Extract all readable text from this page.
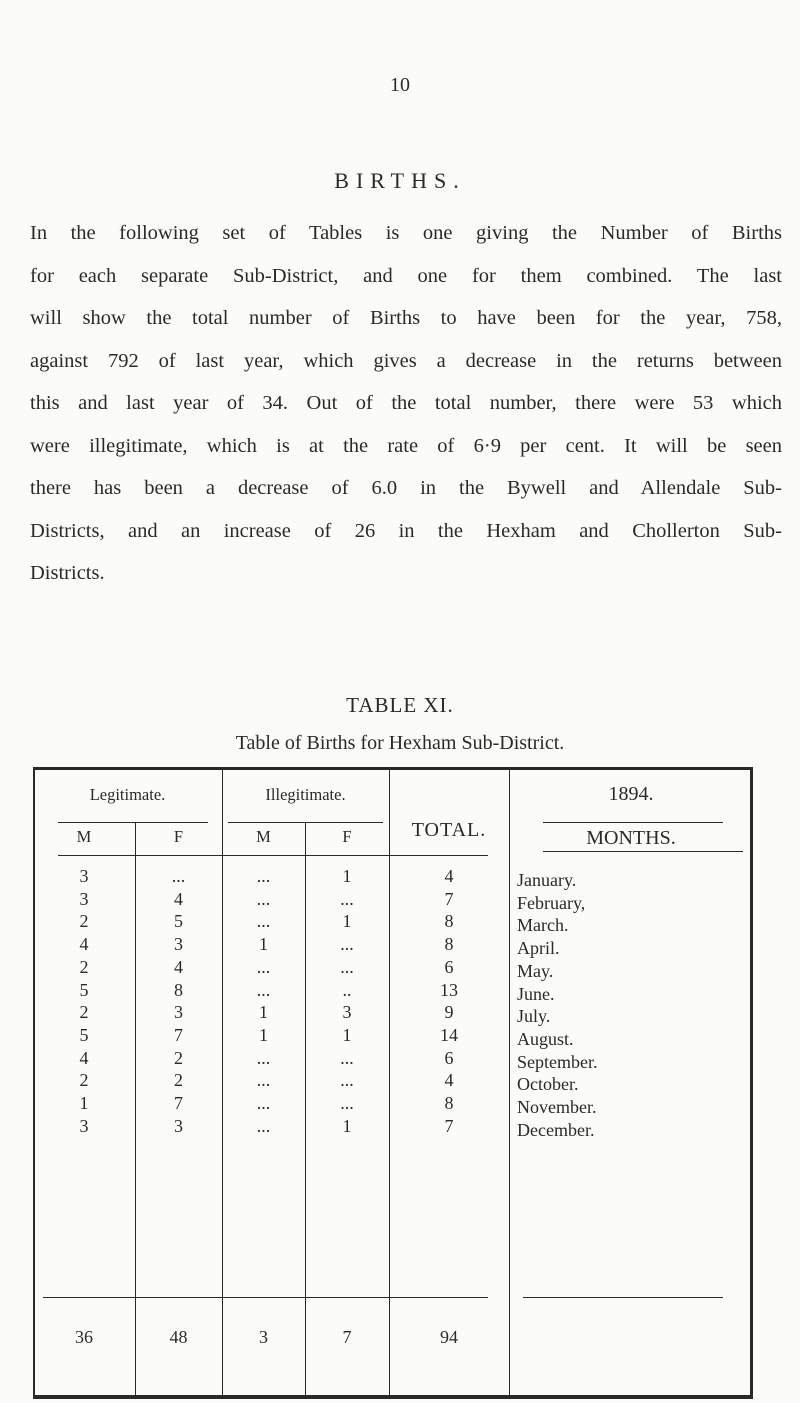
10
BIRTHS.

In the following set of Tables is one giving the Number of Births
for each separate Sub-District, and one for them combined. The last
will show the total number of Births to have been for the year, 758,
against 792 of last year, which gives a decrease in the returns between
this and last year of 34. Out of the total number, there were 53 which
were illegitimate, which is at the rate of 6·9 per cent. It will be seen
there has been a decrease of 6.0 in the Bywell and Allendale Sub-
Districts, and an increase of 26 in the Hexham and Chollerton Sub-
Districts.

TABLE XI.
Table of Births for Hexham Sub-District.
Legitimate.	Illegitimate.
TOTAL.
1894.
MONTHS.
M	F	M	F
3	...	...	1	4	January.
3	4	...	...	7	February,
2	5	...	1	8	March.
4	3	1	...	8	April.
2	4	...	...	6	May.
5	8	...	..	13	June.
2	3	1	3	9	July.
5	7	1	1	14	August.
4	2	...	...	6	September.
2	2	...	...	4	October.
1	7	...	...	8	November.
3	3	...	1	7	December.
36	48	3	7	94
